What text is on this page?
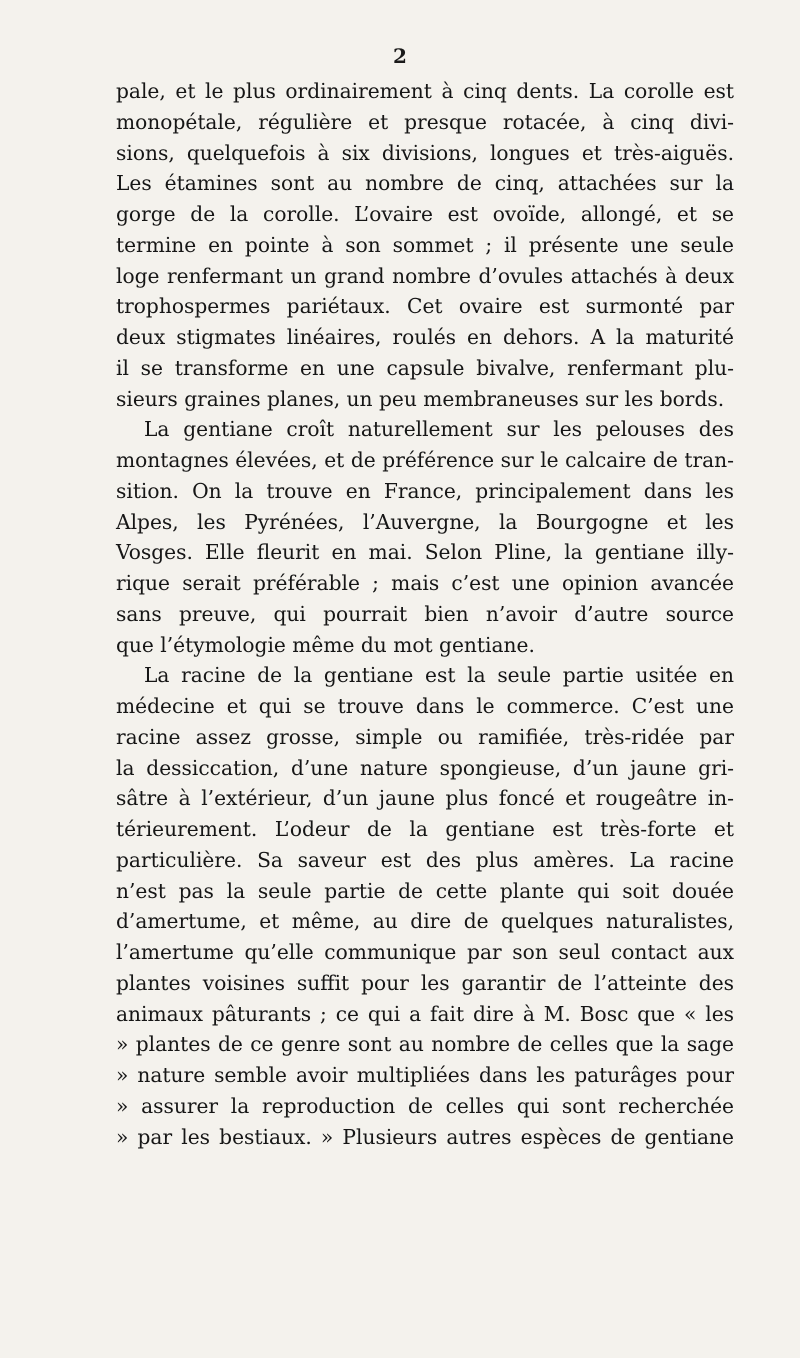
2
pale, et le plus ordinairement à cinq dents. La corolle est
monopétale, régulière et presque rotacée, à cinq divi-
sions, quelquefois à six divisions, longues et très-aiguës.
Les étamines sont au nombre de cinq, attachées sur la
gorge de la corolle. L’ovaire est ovoïde, allongé, et se
termine en pointe à son sommet ; il présente une seule
loge renfermant un grand nombre d’ovules attachés à deux
trophospermes pariétaux. Cet ovaire est surmonté par
deux stigmates linéaires, roulés en dehors. A la maturité
il se transforme en une capsule bivalve, renfermant plu-
sieurs graines planes, un peu membraneuses sur les bords.
La gentiane croît naturellement sur les pelouses des
montagnes élevées, et de préférence sur le calcaire de tran-
sition. On la trouve en France, principalement dans les
Alpes, les Pyrénées, l’Auvergne, la Bourgogne et les
Vosges. Elle fleurit en mai. Selon Pline, la gentiane illy-
rique serait préférable ; mais c’est une opinion avancée
sans preuve, qui pourrait bien n’avoir d’autre source
que l’étymologie même du mot gentiane.
La racine de la gentiane est la seule partie usitée en
médecine et qui se trouve dans le commerce. C’est une
racine assez grosse, simple ou ramifiée, très-ridée par
la dessiccation, d’une nature spongieuse, d’un jaune gri-
sâtre à l’extérieur, d’un jaune plus foncé et rougeâtre in-
térieurement. L’odeur de la gentiane est très-forte et
particulière. Sa saveur est des plus amères. La racine
n’est pas la seule partie de cette plante qui soit douée
d’amertume, et même, au dire de quelques naturalistes,
l’amertume qu’elle communique par son seul contact aux
plantes voisines suffit pour les garantir de l’atteinte des
animaux pâturants ; ce qui a fait dire à M. Bosc que « les
» plantes de ce genre sont au nombre de celles que la sage
» nature semble avoir multipliées dans les paturâges pour
» assurer la reproduction de celles qui sont recherchée
» par les bestiaux. » Plusieurs autres espèces de gentiane
